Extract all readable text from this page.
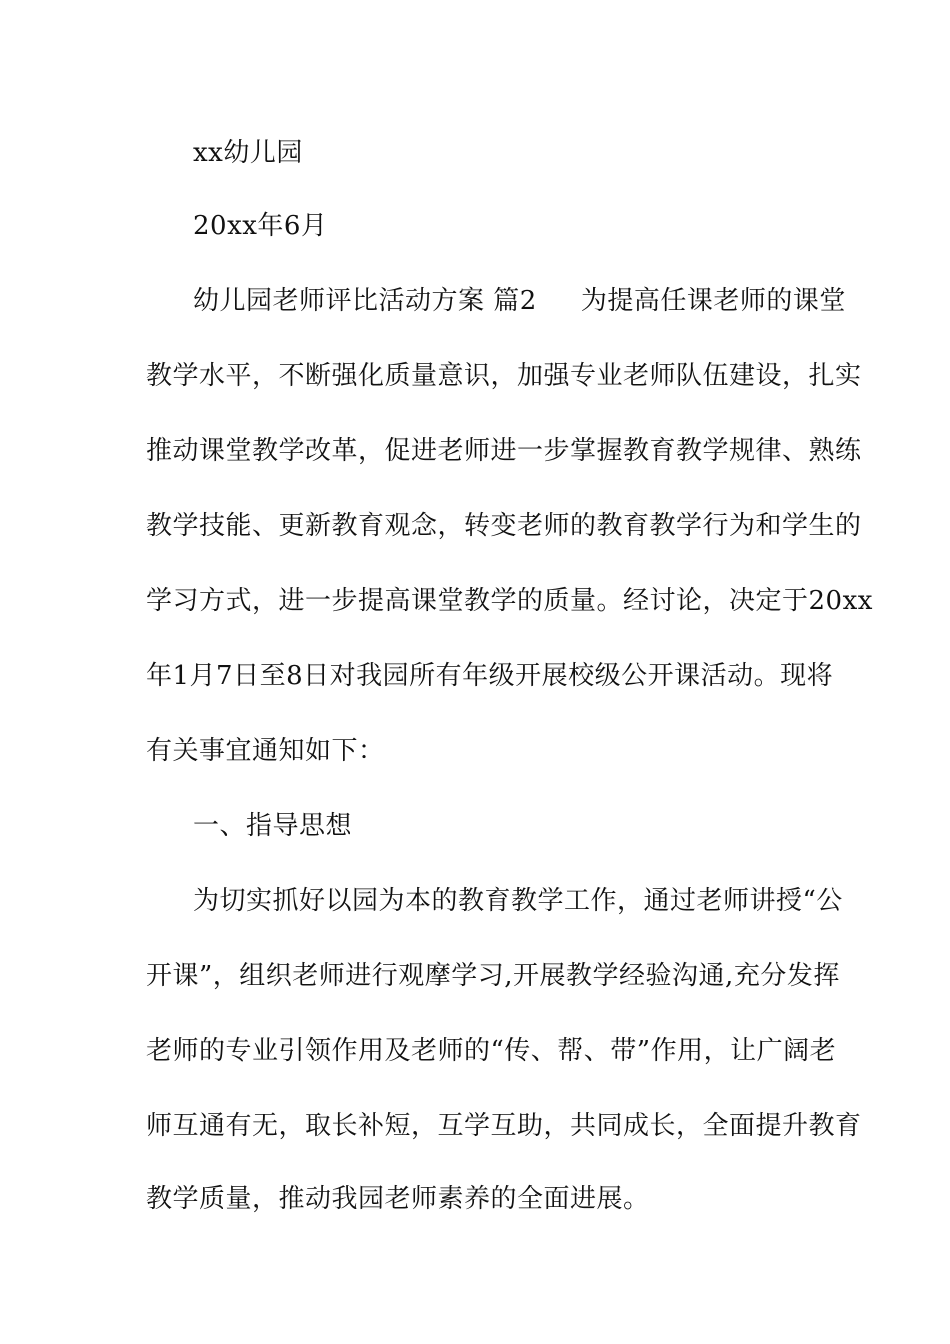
xx幼儿园
20xx年6月
幼儿园老师评比活动方案 篇2 为提高任课老师的课堂
教学水平，不断强化质量意识，加强专业老师队伍建设，扎实
推动课堂教学改革，促进老师进一步掌握教育教学规律、熟练
教学技能、更新教育观念，转变老师的教育教学行为和学生的
学习方式，进一步提高课堂教学的质量。经讨论，决定于20xx
年1月7日至8日对我园所有年级开展校级公开课活动。现将
有关事宜通知如下：
一、指导思想
为切实抓好以园为本的教育教学工作，通过老师讲授“公
开课”，组织老师进行观摩学习,开展教学经验沟通,充分发挥
老师的专业引领作用及老师的“传、帮、带”作用，让广阔老
师互通有无，取长补短，互学互助，共同成长，全面提升教育
教学质量，推动我园老师素养的全面进展。
